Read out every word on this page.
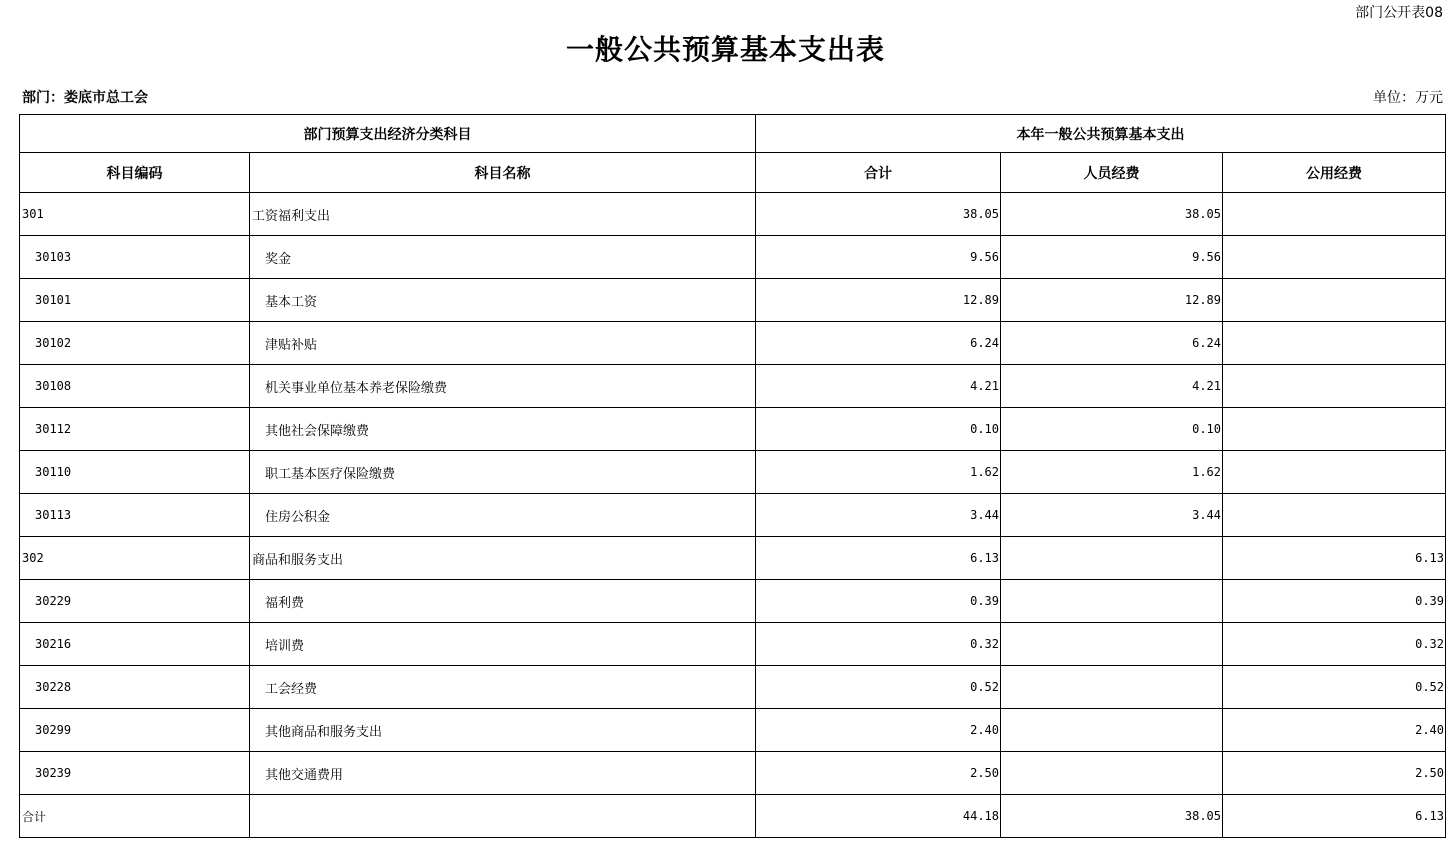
部门公开表08
一般公共预算基本支出表
部门：娄底市总工会	单位：万元
部门预算支出经济分类科目		本年一般公共预算基本支出		
科目编码	科目名称	合计	人员经费	公用经费
301	工资福利支出	38.05	38.05	
30103	奖金	9.56	9.56	
30101	基本工资	12.89	12.89	
30102	津贴补贴	6.24	6.24	
30108	机关事业单位基本养老保险缴费	4.21	4.21	
30112	其他社会保障缴费	0.10	0.10	
30110	职工基本医疗保险缴费	1.62	1.62	
30113	住房公积金	3.44	3.44	
302	商品和服务支出	6.13		6.13
30229	福利费	0.39		0.39
30216	培训费	0.32		0.32
30228	工会经费	0.52		0.52
30299	其他商品和服务支出	2.40		2.40
30239	其他交通费用	2.50		2.50
合计		44.18	38.05	6.13
